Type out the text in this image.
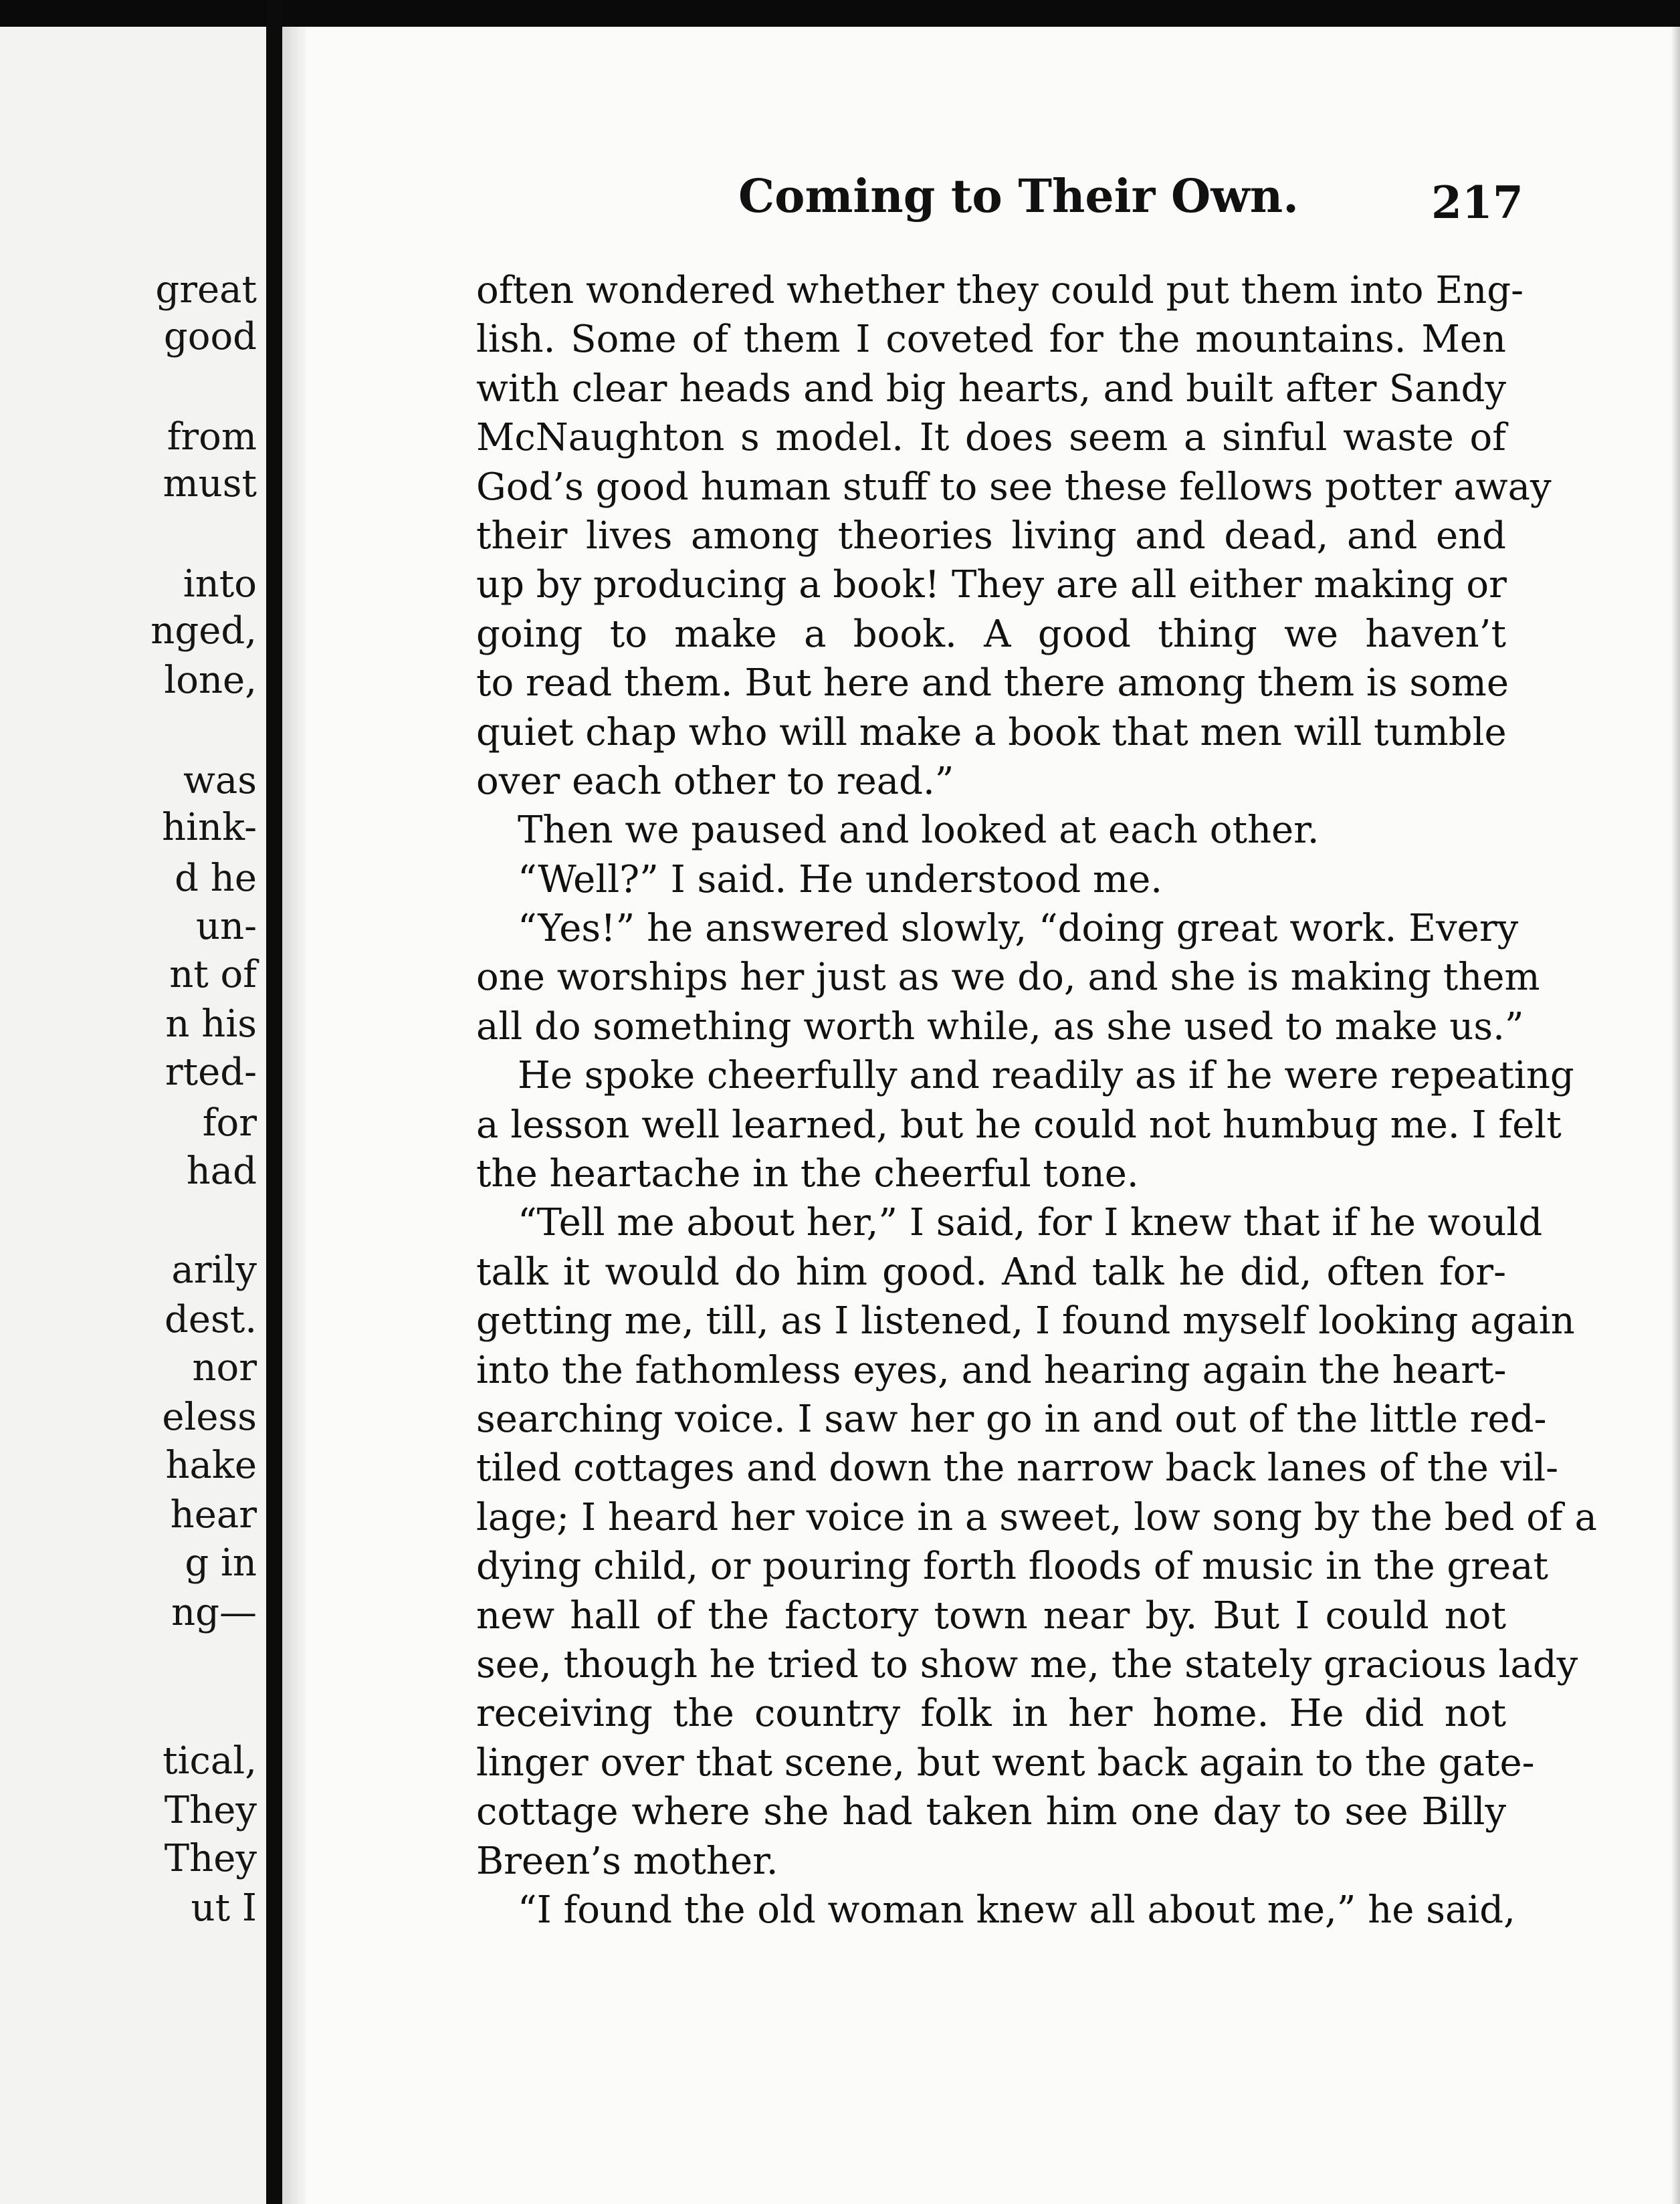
great
good
from
must
into
nged,
lone,
was
hink-
d he
un-
nt of
n his
rted-
for
had
arily
dest.
nor
eless
hake
hear
g in
ng—
tical,
They
They
ut I
Coming to Their Own.	217
often wondered whether they could put them into Eng-
lish. Some of them I coveted for the mountains. Men
with clear heads and big hearts, and built after Sandy
McNaughton s model. It does seem a sinful waste of
God’s good human stuff to see these fellows potter away
their lives among theories living and dead, and end
up by producing a book! They are all either making or
going to make a book. A good thing we haven’t
to read them. But here and there among them is some
quiet chap who will make a book that men will tumble
over each other to read.”
Then we paused and looked at each other.
“Well?” I said. He understood me.
“Yes!” he answered slowly, “doing great work. Every
one worships her just as we do, and she is making them
all do something worth while, as she used to make us.”
He spoke cheerfully and readily as if he were repeating
a lesson well learned, but he could not humbug me. I felt
the heartache in the cheerful tone.
“Tell me about her,” I said, for I knew that if he would
talk it would do him good. And talk he did, often for-
getting me, till, as I listened, I found myself looking again
into the fathomless eyes, and hearing again the heart-
searching voice. I saw her go in and out of the little red-
tiled cottages and down the narrow back lanes of the vil-
lage; I heard her voice in a sweet, low song by the bed of a
dying child, or pouring forth floods of music in the great
new hall of the factory town near by. But I could not
see, though he tried to show me, the stately gracious lady
receiving the country folk in her home. He did not
linger over that scene, but went back again to the gate-
cottage where she had taken him one day to see Billy
Breen’s mother.
“I found the old woman knew all about me,” he said,
